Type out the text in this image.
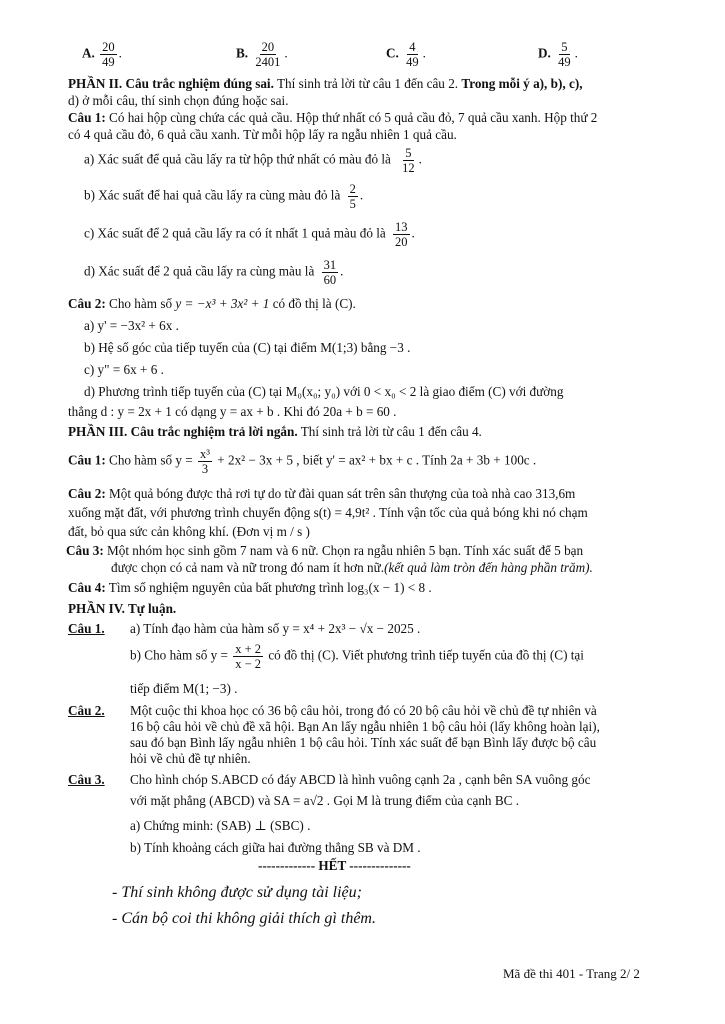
A. $\frac{20}{49}$ .	B. $\frac{20}{2401}$ .	C. $\frac{4}{49}$ .	D. $\frac{5}{49}$ .
PHẦN II. Câu trắc nghiệm đúng sai. Thí sinh trả lời từ câu 1 đến câu 2. Trong mỗi ý a), b), c),
d) ở mỗi câu, thí sinh chọn đúng hoặc sai.
Câu 1: Có hai hộp cùng chứa các quả cầu. Hộp thứ nhất có 5 quả cầu đỏ, 7 quả cầu xanh. Hộp thứ 2
có 4 quả cầu đỏ, 6 quả cầu xanh. Từ mỗi hộp lấy ra ngẫu nhiên 1 quả cầu.
a) Xác suất để quả cầu lấy ra từ hộp thứ nhất có màu đỏ là $\frac{5}{12}$ .
b) Xác suất để hai quả cầu lấy ra cùng màu đỏ là $\frac{2}{5}$ .
c) Xác suất để 2 quả cầu lấy ra có ít nhất 1 quả màu đỏ là $\frac{13}{20}$ .
d) Xác suất để 2 quả cầu lấy ra cùng màu là $\frac{31}{60}$ .
Câu 2: Cho hàm số y = −x³ + 3x² + 1 có đồ thị là (C).
a) y' = −3x² + 6x .
b) Hệ số góc của tiếp tuyến của (C) tại điểm M(1;3) bằng −3 .
c) y" = 6x + 6 .
d) Phương trình tiếp tuyến của (C) tại M₀(x₀; y₀) với 0 < x₀ < 2 là giao điểm (C) với đường
thẳng d : y = 2x + 1 có dạng y = ax + b . Khi đó 20a + b = 60 .
PHẦN III. Câu trắc nghiệm trả lời ngắn. Thí sinh trả lời từ câu 1 đến câu 4.
Câu 1: Cho hàm số $y = \frac{\text{x³}}{3} + 2x^2 - 3x + 5$ , biết y' = ax² + bx + c . Tính 2a + 3b + 100c .
Câu 2: Một quả bóng được thả rơi tự do từ đài quan sát trên sân thượng của toà nhà cao 313,6m
xuống mặt đất, với phương trình chuyển động s(t) = 4,9t² . Tính vận tốc của quả bóng khi nó chạm
đất, bỏ qua sức cản không khí. (Đơn vị m / s )
Câu 3: Một nhóm học sinh gồm 7 nam và 6 nữ. Chọn ra ngẫu nhiên 5 bạn. Tính xác suất để 5 bạn
được chọn có cả nam và nữ trong đó nam ít hơn nữ.(kết quả làm tròn đến hàng phần trăm).
Câu 4: Tìm số nghiệm nguyên của bất phương trình log₃(x − 1) < 8 .
PHẦN IV. Tự luận.
Câu 1. a) Tính đạo hàm của hàm số y = x⁴ + 2x³ − √x − 2025 .
b) Cho hàm số $y = \frac{x + 2}{x - 2}$ có đồ thị (C). Viết phương trình tiếp tuyến của đồ thị (C) tại
tiếp điểm M(1; −3) .
Câu 2. Một cuộc thi khoa học có 36 bộ câu hỏi, trong đó có 20 bộ câu hỏi về chủ đề tự nhiên và
16 bộ câu hỏi về chủ đề xã hội. Bạn An lấy ngẫu nhiên 1 bộ câu hỏi (lấy không hoàn lại),
sau đó bạn Bình lấy ngẫu nhiên 1 bộ câu hỏi. Tính xác suất để bạn Bình lấy được bộ câu
hỏi về chủ đề tự nhiên.
Câu 3. Cho hình chóp S.ABCD có đáy ABCD là hình vuông cạnh 2a , cạnh bên SA vuông góc
với mặt phẳng (ABCD) và SA = a√2 . Gọi M là trung điểm của cạnh BC .
a) Chứng minh: (SAB) ⊥ (SBC) .
b) Tính khoảng cách giữa hai đường thẳng SB và DM .
------------- HẾT --------------
- Thí sinh không được sử dụng tài liệu;
- Cán bộ coi thi không giải thích gì thêm.
Mã đề thi 401 - Trang 2/ 2
